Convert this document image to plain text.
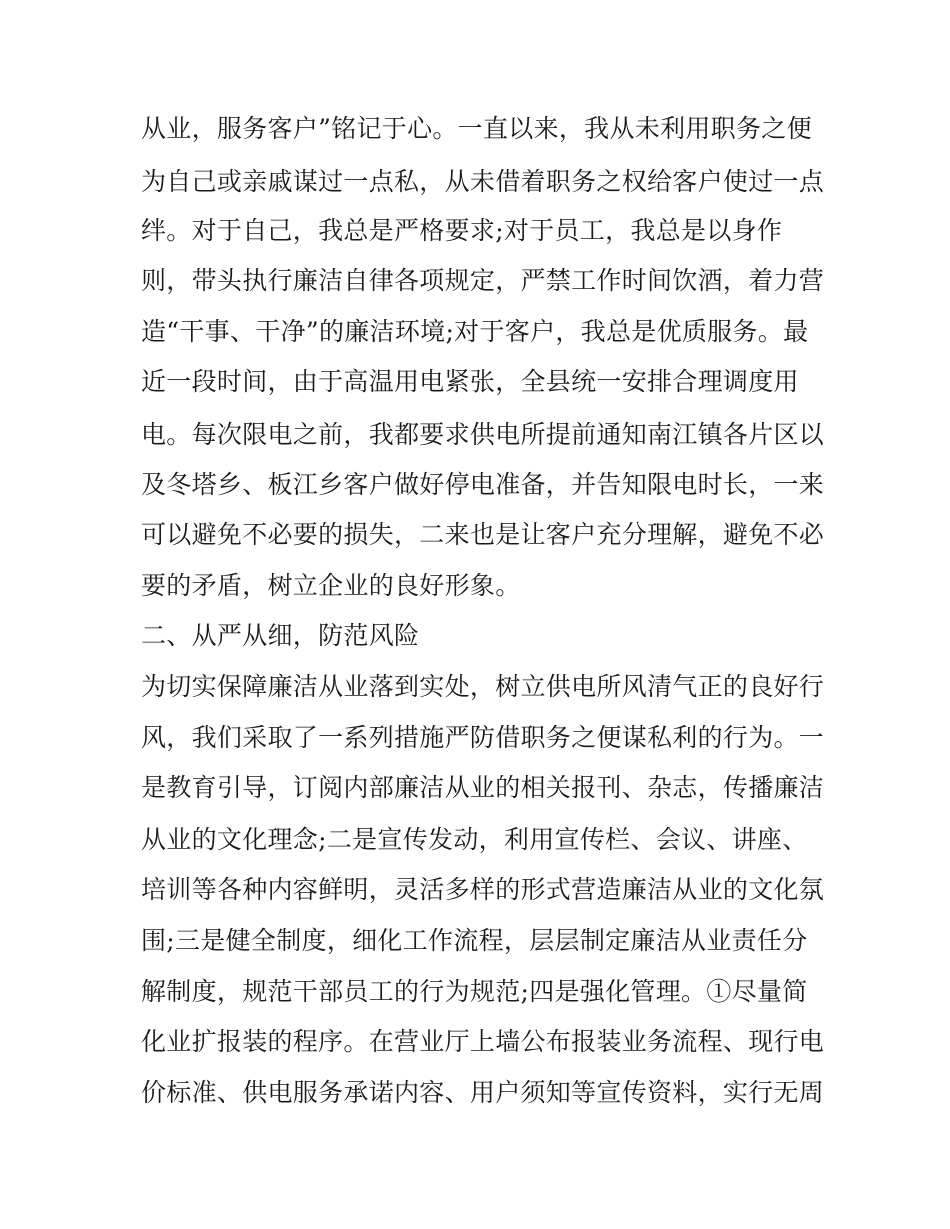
从业，服务客户”铭记于心。一直以来，我从未利用职务之便
为自己或亲戚谋过一点私，从未借着职务之权给客户使过一点
绊。对于自己，我总是严格要求;对于员工，我总是以身作
则，带头执行廉洁自律各项规定，严禁工作时间饮酒，着力营
造“干事、干净”的廉洁环境;对于客户，我总是优质服务。最
近一段时间，由于高温用电紧张，全县统一安排合理调度用
电。每次限电之前，我都要求供电所提前通知南江镇各片区以
及冬塔乡、板江乡客户做好停电准备，并告知限电时长，一来
可以避免不必要的损失，二来也是让客户充分理解，避免不必
要的矛盾，树立企业的良好形象。
二、从严从细，防范风险
为切实保障廉洁从业落到实处，树立供电所风清气正的良好行
风，我们采取了一系列措施严防借职务之便谋私利的行为。一
是教育引导，订阅内部廉洁从业的相关报刊、杂志，传播廉洁
从业的文化理念;二是宣传发动，利用宣传栏、会议、讲座、
培训等各种内容鲜明，灵活多样的形式营造廉洁从业的文化氛
围;三是健全制度，细化工作流程，层层制定廉洁从业责任分
解制度，规范干部员工的行为规范;四是强化管理。①尽量简
化业扩报装的程序。在营业厅上墙公布报装业务流程、现行电
价标准、供电服务承诺内容、用户须知等宣传资料，实行无周
